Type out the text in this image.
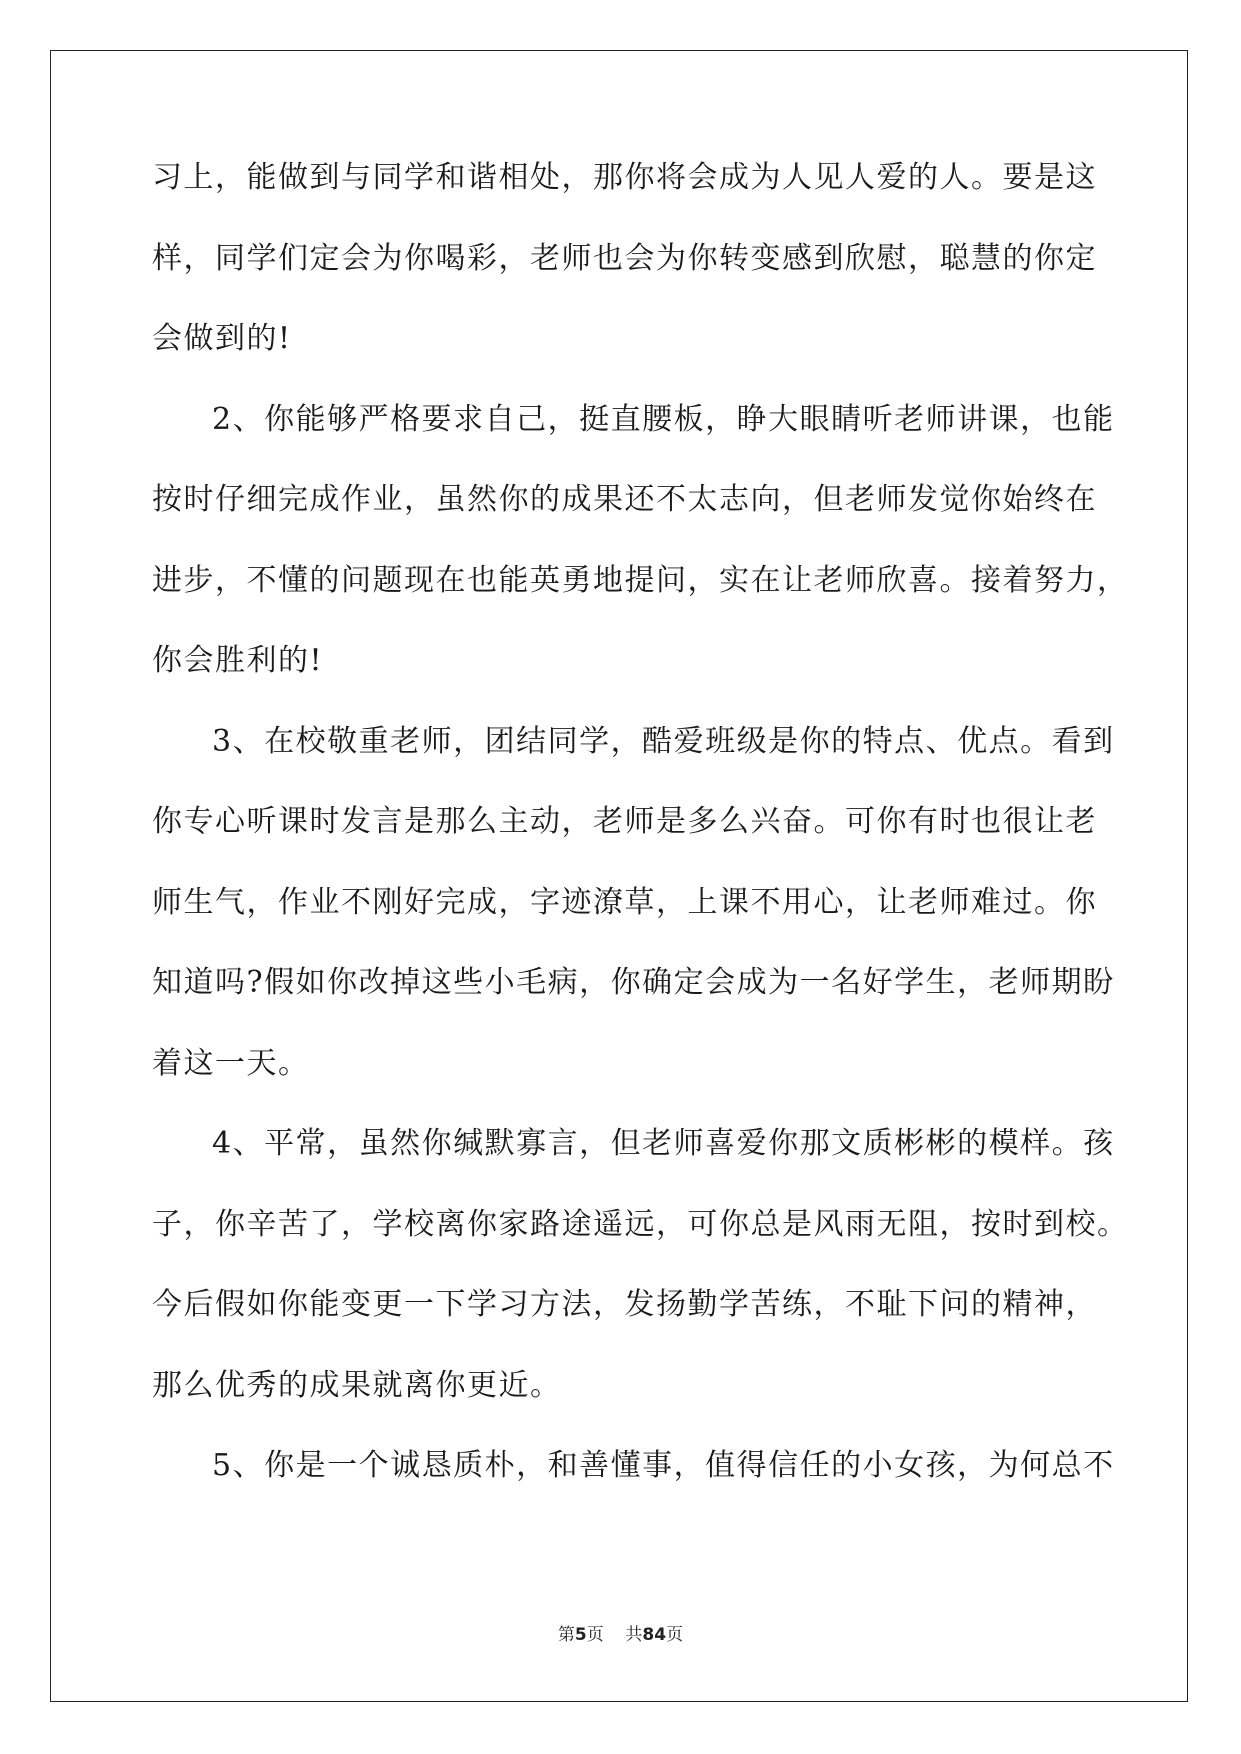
习上，能做到与同学和谐相处，那你将会成为人见人爱的人。要是这
样，同学们定会为你喝彩，老师也会为你转变感到欣慰，聪慧的你定
会做到的!
2、你能够严格要求自己，挺直腰板，睁大眼睛听老师讲课，也能
按时仔细完成作业，虽然你的成果还不太志向，但老师发觉你始终在
进步，不懂的问题现在也能英勇地提问，实在让老师欣喜。接着努力，
你会胜利的!
3、在校敬重老师，团结同学，酷爱班级是你的特点、优点。看到
你专心听课时发言是那么主动，老师是多么兴奋。可你有时也很让老
师生气，作业不刚好完成，字迹潦草，上课不用心，让老师难过。你
知道吗?假如你改掉这些小毛病，你确定会成为一名好学生，老师期盼
着这一天。
4、平常，虽然你缄默寡言，但老师喜爱你那文质彬彬的模样。孩
子，你辛苦了，学校离你家路途遥远，可你总是风雨无阻，按时到校。
今后假如你能变更一下学习方法，发扬勤学苦练，不耻下问的精神，
那么优秀的成果就离你更近。
5、你是一个诚恳质朴，和善懂事，值得信任的小女孩，为何总不
第5页 共84页
